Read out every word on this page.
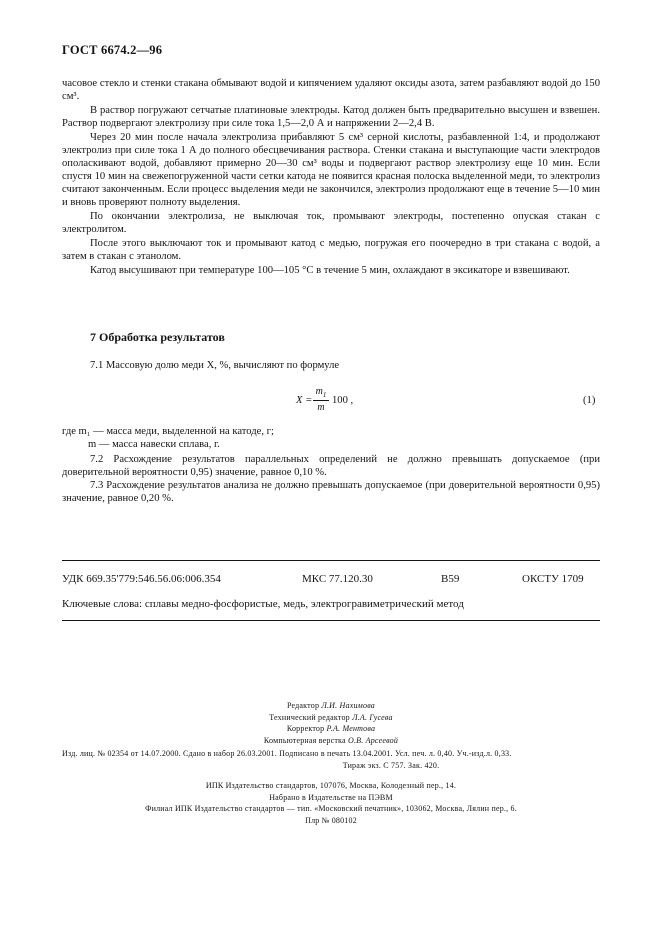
ГОСТ 6674.2—96

часовое стекло и стенки стакана обмывают водой и кипячением удаляют оксиды азота, затем разбавляют водой до 150 см³.

В раствор погружают сетчатые платиновые электроды. Катод должен быть предварительно высушен и взвешен. Раствор подвергают электролизу при силе тока 1,5—2,0 А и напряжении 2—2,4 В.

Через 20 мин после начала электролиза прибавляют 5 см³ серной кислоты, разбавленной 1:4, и продолжают электролиз при силе тока 1 А до полного обесцвечивания раствора. Стенки стакана и выступающие части электродов ополаскивают водой, добавляют примерно 20—30 см³ воды и подвергают раствор электролизу еще 10 мин. Если спустя 10 мин на свежепогруженной части сетки катода не появится красная полоска выделенной меди, то электролиз считают законченным. Если процесс выделения меди не закончился, электролиз продолжают еще в течение 5—10 мин и вновь проверяют полноту выделения.

По окончании электролиза, не выключая ток, промывают электроды, постепенно опуская стакан с электролитом.

После этого выключают ток и промывают катод с медью, погружая его поочередно в три стакана с водой, а затем в стакан с этанолом.

Катод высушивают при температуре 100—105 °С в течение 5 мин, охлаждают в эксикаторе и взвешивают.

7 Обработка результатов
7.1 Массовую долю меди X, %, вычисляют по формуле
X =
$m_1$
m
100 ,	(1)
где m₁ — масса меди, выделенной на катоде, г;
m — масса навески сплава, г.

7.2 Расхождение результатов параллельных определений не должно превышать допускаемое (при доверительной вероятности 0,95) значение, равное 0,10 %.

7.3 Расхождение результатов анализа не должно превышать допускаемое (при доверительной вероятности 0,95) значение, равное 0,20 %.

УДК 669.35'779:546.56.06:006.354	МКС 77.120.30	В59	ОКСТУ 1709
Ключевые слова: сплавы медно-фосфористые, медь, электрогравиметрический метод
Редактор Л.И. Нахимова
Технический редактор Л.А. Гусева
Корректор Р.А. Ментова
Компьютерная верстка О.В. Арсеевой
Изд. лиц. № 02354 от 14.07.2000. Сдано в набор 26.03.2001. Подписано в печать 13.04.2001. Усл. печ. л. 0,40. Уч.-изд.л. 0,33.
Тираж экз. С 757. Зак. 420.
ИПК Издательство стандартов, 107076, Москва, Колодезный пер., 14.
Набрано в Издательстве на ПЭВМ
Филиал ИПК Издательство стандартов — тип. «Московский печатник», 103062, Москва, Лялин пер., 6.
Плр № 080102
